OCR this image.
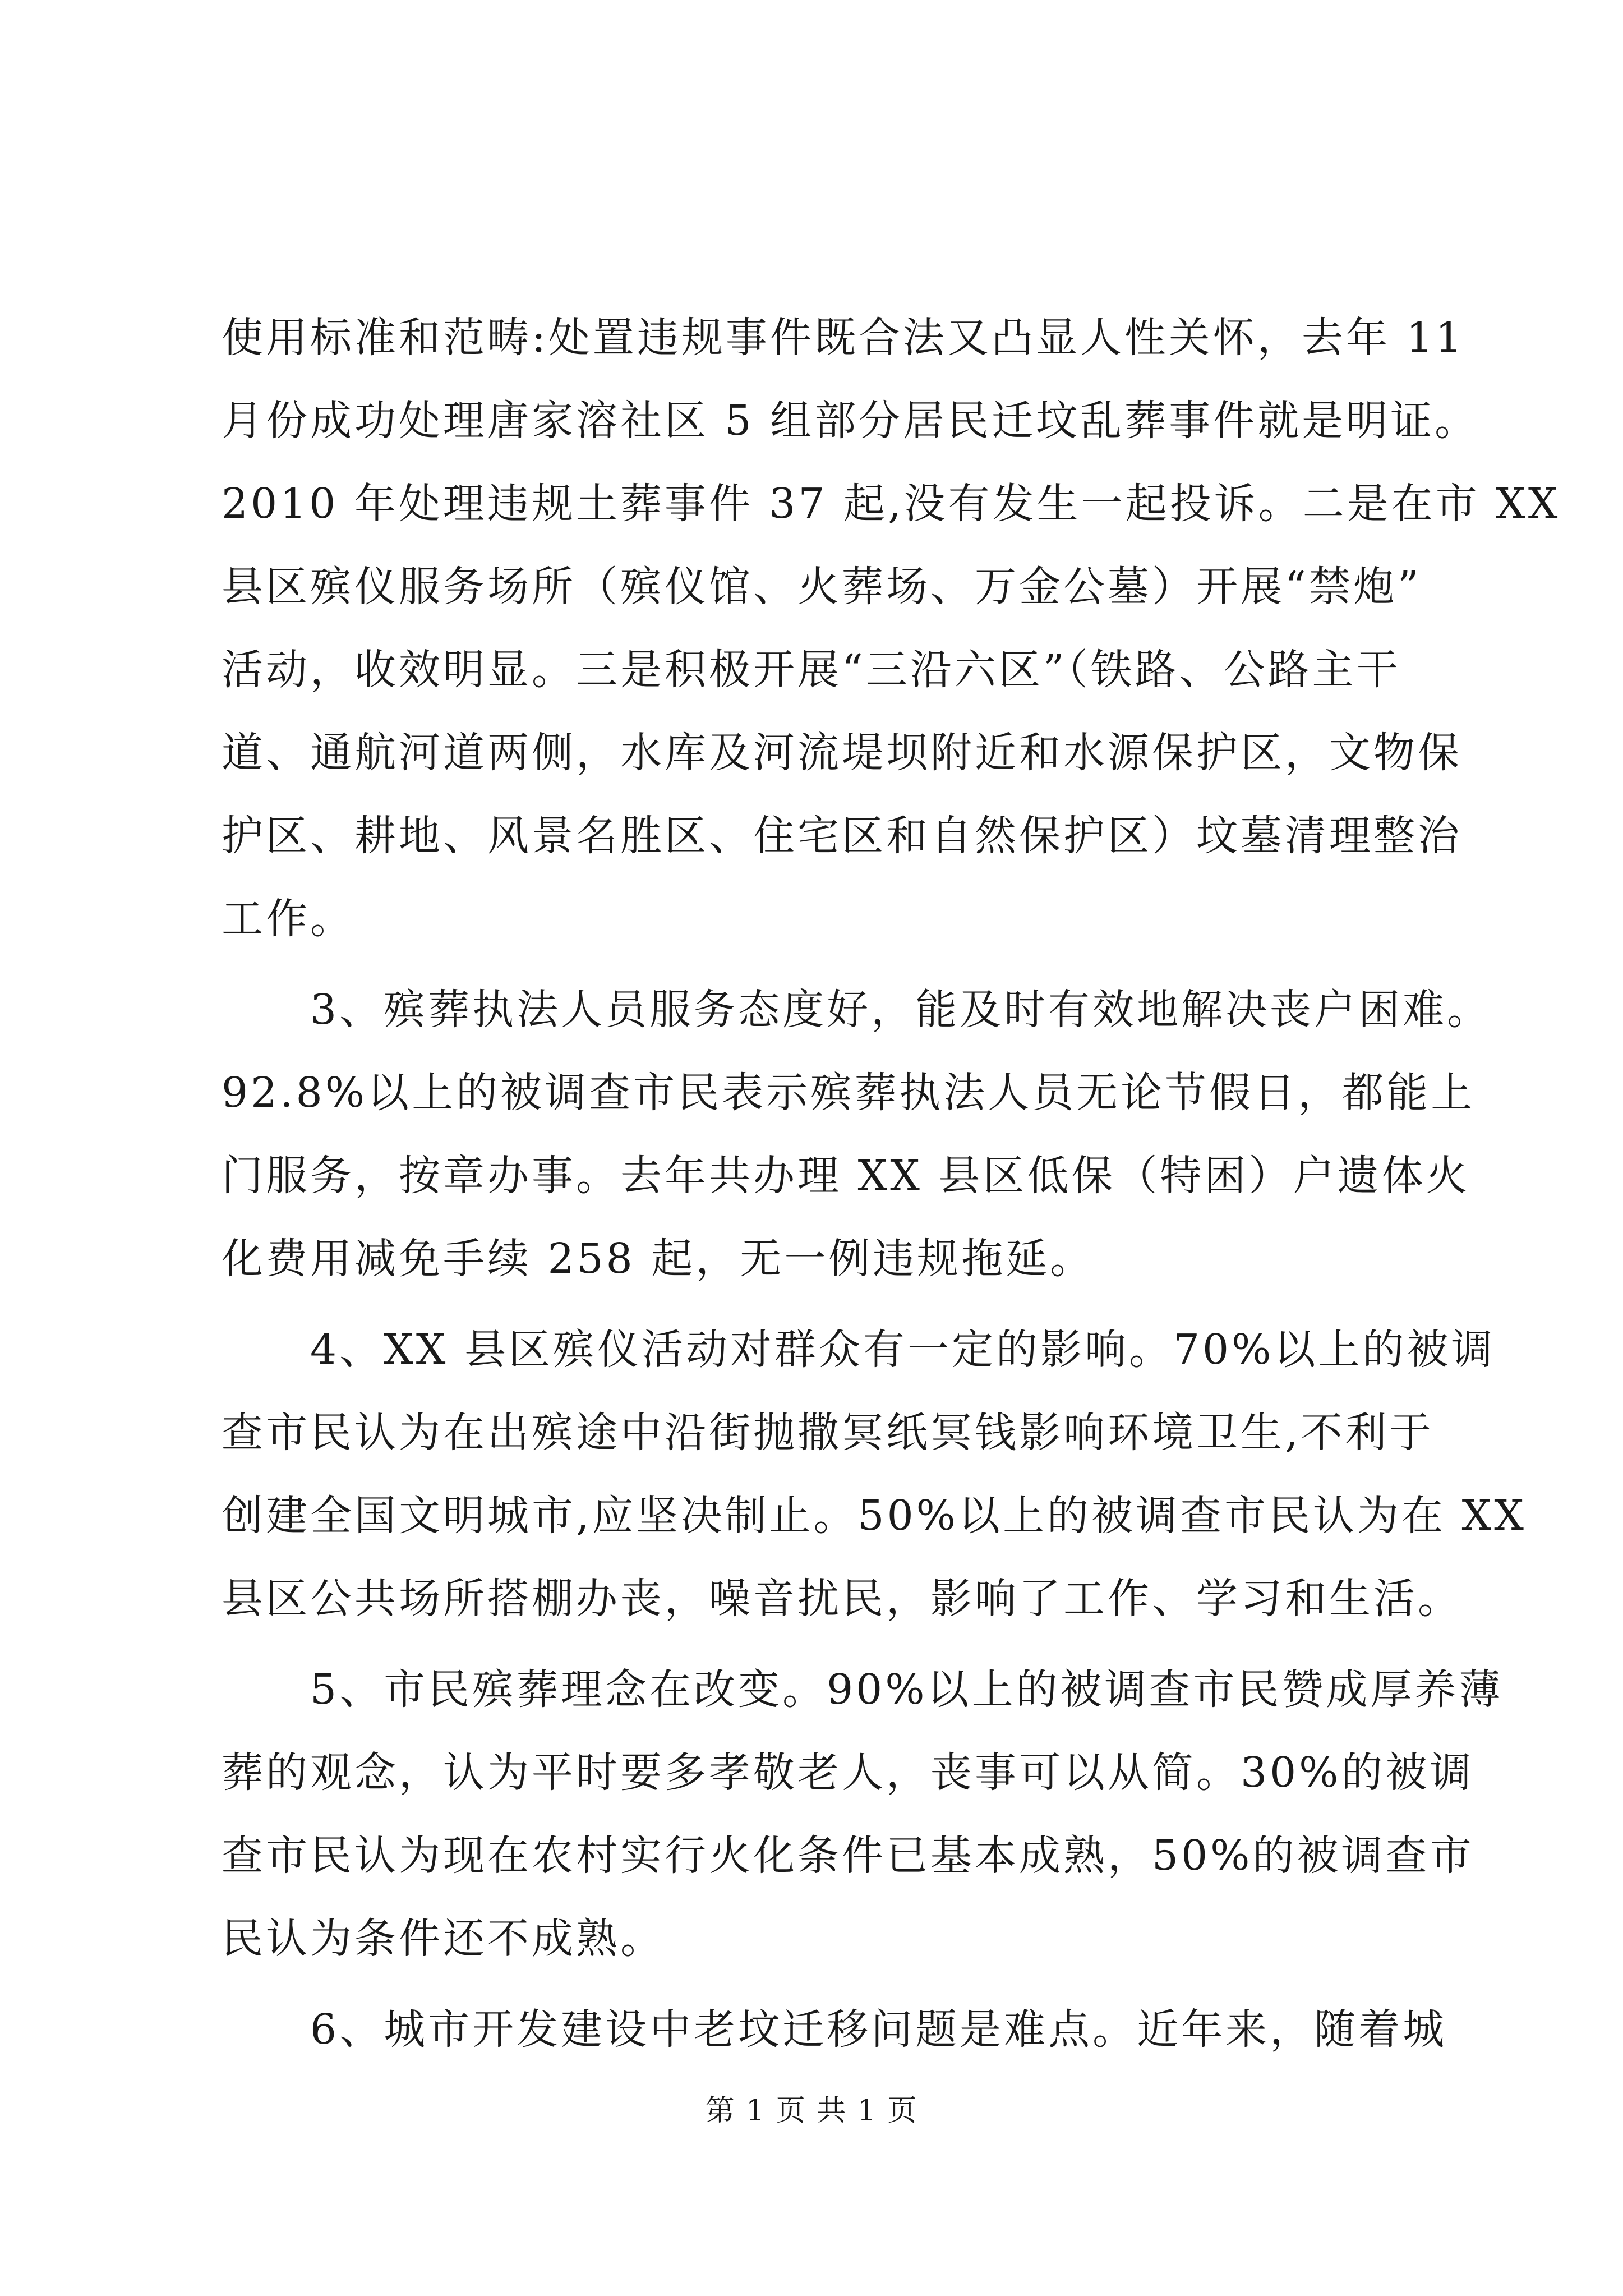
使用标准和范畴:处置违规事件既合法又凸显人性关怀，去年 11
月份成功处理唐家溶社区 5 组部分居民迁坟乱葬事件就是明证。
2010 年处理违规土葬事件 37 起,没有发生一起投诉。二是在市 XX
县区殡仪服务场所（殡仪馆、火葬场、万金公墓）开展“禁炮”
活动，收效明显。三是积极开展“三沿六区”（铁路、公路主干
道、通航河道两侧，水库及河流堤坝附近和水源保护区，文物保
护区、耕地、风景名胜区、住宅区和自然保护区）坟墓清理整治
工作。
3、殡葬执法人员服务态度好，能及时有效地解决丧户困难。
92.8%以上的被调查市民表示殡葬执法人员无论节假日，都能上
门服务，按章办事。去年共办理 XX 县区低保（特困）户遗体火
化费用减免手续 258 起，无一例违规拖延。
4、XX 县区殡仪活动对群众有一定的影响。70%以上的被调
查市民认为在出殡途中沿街抛撒冥纸冥钱影响环境卫生,不利于
创建全国文明城市,应坚决制止。50%以上的被调查市民认为在 XX
县区公共场所搭棚办丧，噪音扰民，影响了工作、学习和生活。
5、市民殡葬理念在改变。90%以上的被调查市民赞成厚养薄
葬的观念，认为平时要多孝敬老人，丧事可以从简。30%的被调
查市民认为现在农村实行火化条件已基本成熟，50%的被调查市
民认为条件还不成熟。
6、城市开发建设中老坟迁移问题是难点。近年来，随着城
第 1 页 共 1 页
